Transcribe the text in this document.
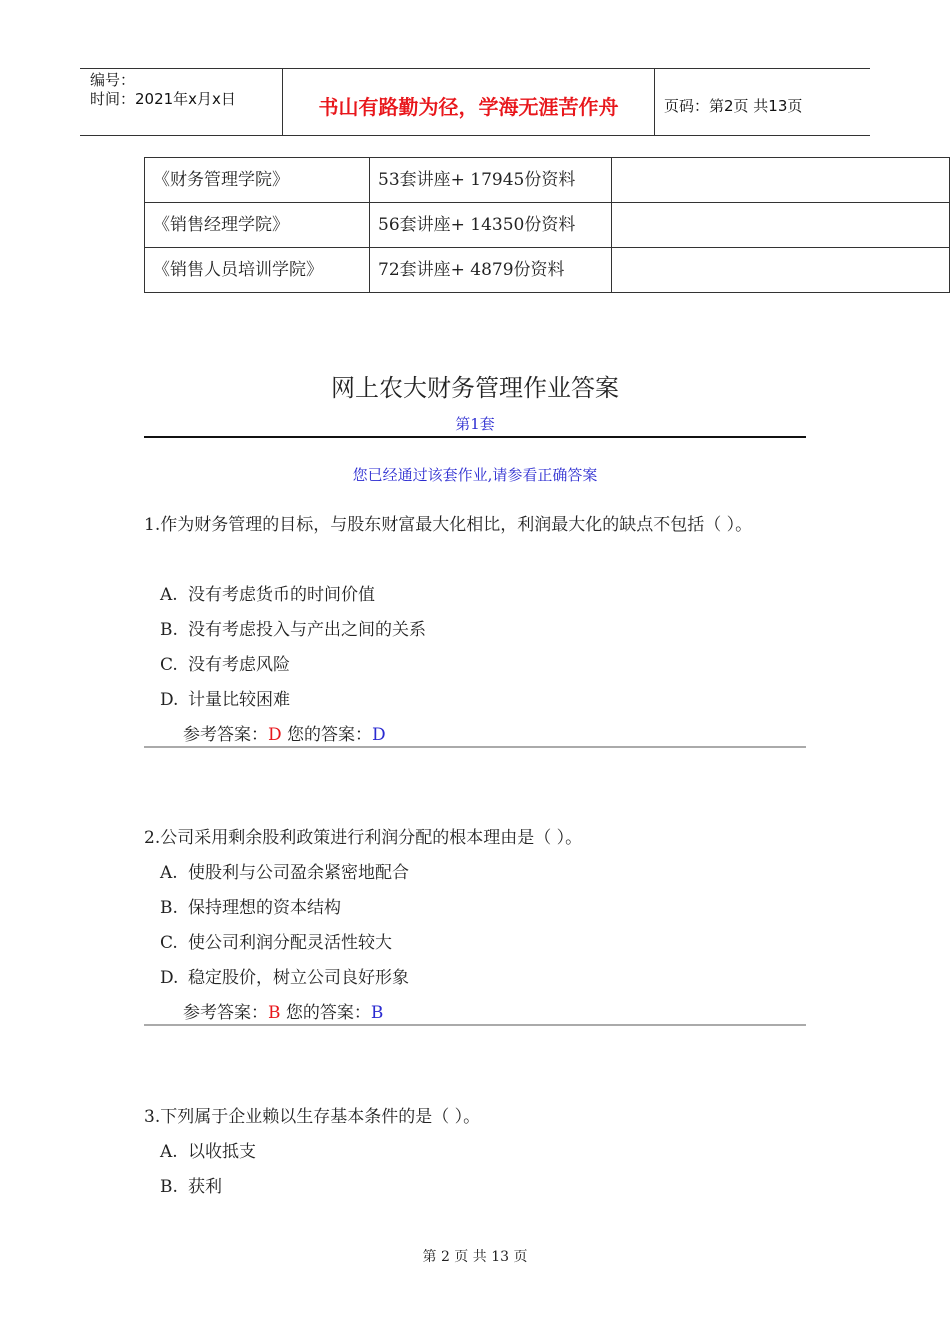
编号：
时间：2021年x月x日	书山有路勤为径，学海无涯苦作舟	页码：第2页 共13页
《财务管理学院》	53套讲座+ 17945份资料	
《销售经理学院》	56套讲座+ 14350份资料	
《销售人员培训学院》	72套讲座+ 4879份资料	
网上农大财务管理作业答案
第1套
您已经通过该套作业,请参看正确答案
1.作为财务管理的目标，与股东财富最大化相比，利润最大化的缺点不包括（ ）。
A. 没有考虑货币的时间价值
B. 没有考虑投入与产出之间的关系
C. 没有考虑风险
D. 计量比较困难
参考答案：D 您的答案：D
2.公司采用剩余股利政策进行利润分配的根本理由是（ ）。
A. 使股利与公司盈余紧密地配合
B. 保持理想的资本结构
C. 使公司利润分配灵活性较大
D. 稳定股价，树立公司良好形象
参考答案：B 您的答案：B
3.下列属于企业赖以生存基本条件的是（ ）。
A. 以收抵支
B. 获利
第 2 页 共 13 页
